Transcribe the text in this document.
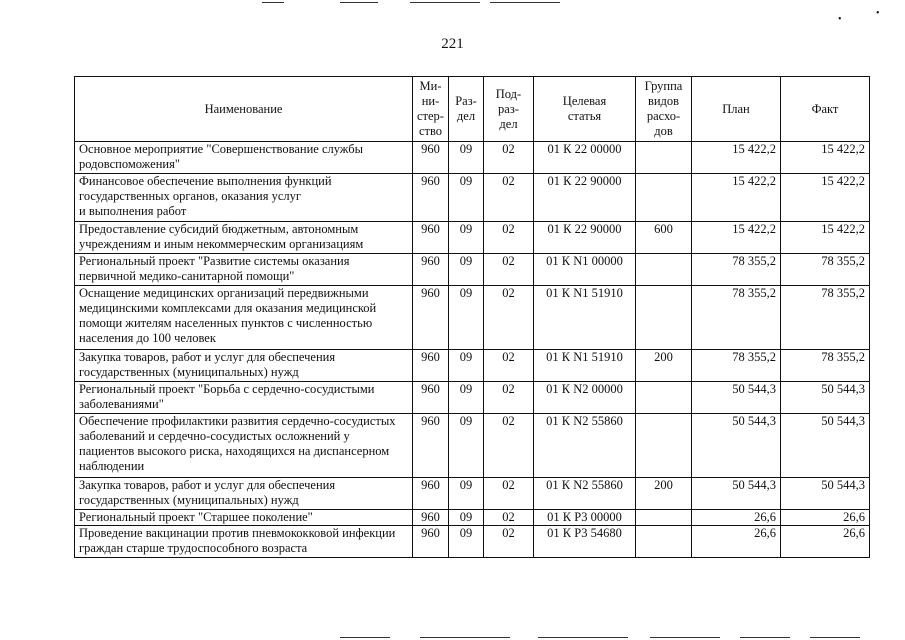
•
•
221
Наименование	Ми-
ни-
стер-
ство	Раз-
дел	Под-
раз-
дел	Целевая
статья	Группа
видов
расхо-
дов	План	Факт
Основное мероприятие "Совершенствование службы родовспоможения"	960	09	02	01 К 22 00000		15 422,2	15 422,2
Финансовое обеспечение выполнения функций государственных органов, оказания услуг
и выполнения работ	960	09	02	01 К 22 90000		15 422,2	15 422,2
Предоставление субсидий бюджетным, автономным учреждениям и иным некоммерческим организациям	960	09	02	01 К 22 90000	600	15 422,2	15 422,2
Региональный проект "Развитие системы оказания первичной медико-санитарной помощи"	960	09	02	01 К N1 00000		78 355,2	78 355,2
Оснащение медицинских организаций передвижными медицинскими комплексами для оказания медицинской помощи жителям населенных пунктов с численностью населения до 100 человек	960	09	02	01 К N1 51910		78 355,2	78 355,2
Закупка товаров, работ и услуг для обеспечения государственных (муниципальных) нужд	960	09	02	01 К N1 51910	200	78 355,2	78 355,2
Региональный проект "Борьба с сердечно-сосудистыми заболеваниями"	960	09	02	01 К N2 00000		50 544,3	50 544,3
Обеспечение профилактики развития сердечно-сосудистых заболеваний и сердечно-сосудистых осложнений у пациентов высокого риска, находящихся на диспансерном наблюдении	960	09	02	01 К N2 55860		50 544,3	50 544,3
Закупка товаров, работ и услуг для обеспечения государственных (муниципальных) нужд	960	09	02	01 К N2 55860	200	50 544,3	50 544,3
Региональный проект "Старшее поколение"	960	09	02	01 К Р3 00000		26,6	26,6
Проведение вакцинации против пневмококковой инфекции граждан старше трудоспособного возраста	960	09	02	01 К Р3 54680		26,6	26,6
